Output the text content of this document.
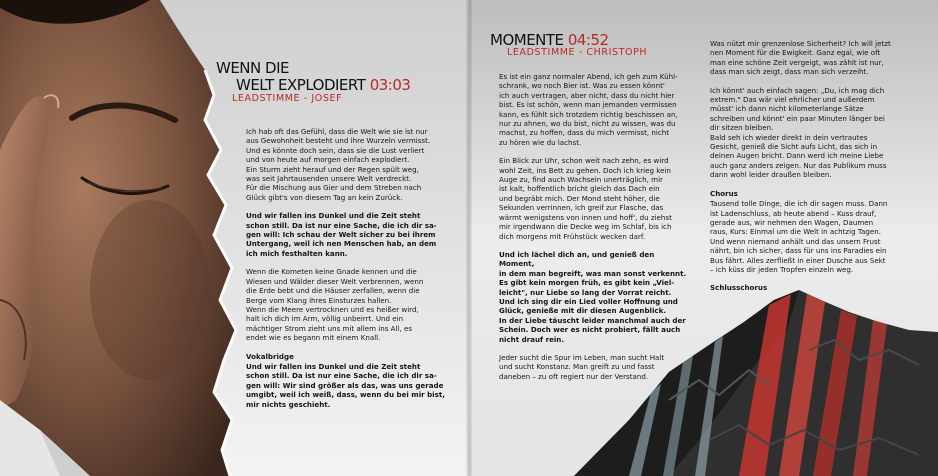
WENN DIE
WELT EXPLODIERT 03:03
LEADSTIMME - JOSEF

Ich hab oft das Gefühl, dass die Welt wie sie ist nur
aus Gewohnheit besteht und ihre Wurzeln vermisst.
Und es könnte doch sein, dass sie die Lust verliert
und von heute auf morgen einfach explodiert.
Ein Sturm zieht herauf und der Regen spült weg,
was seit Jahrtausenden unsere Welt verdreckt.
Für die Mischung aus Gier und dem Streben nach
Glück gibt's von diesem Tag an kein Zurück.

Und wir fallen ins Dunkel und die Zeit steht
schon still. Da ist nur eine Sache, die ich dir sa-
gen will: Ich schau der Welt sicher zu bei ihrem
Untergang, weil ich nen Menschen hab, an dem
ich mich festhalten kann.

Wenn die Kometen keine Gnade kennen und die
Wiesen und Wälder dieser Welt verbrennen, wenn
die Erde bebt und die Häuser zerfallen, wenn die
Berge vom Klang ihres Einsturzes hallen.
Wenn die Meere vertrocknen und es heißer wird,
halt ich dich im Arm, völlig unbeirrt. Und ein
mächtiger Strom zieht uns mit allem ins All, es
endet wie es begann mit einem Knall.

Vokalbridge

Und wir fallen ins Dunkel und die Zeit steht
schon still. Da ist nur eine Sache, die ich dir sa-
gen will: Wir sind größer als das, was uns gerade
umgibt, weil ich weiß, dass, wenn du bei mir bist,
mir nichts geschieht.

MOMENTE 04:52
LEADSTIMME - CHRISTOPH

Es ist ein ganz normaler Abend, ich geh zum Kühl-
schrank, wo noch Bier ist. Was zu essen könnt'
ich auch vertragen, aber nicht, dass du nicht hier
bist. Es ist schön, wenn man jemanden vermissen
kann, es fühlt sich trotzdem richtig beschissen an,
nur zu ahnen, wo du bist, nicht zu wissen, was du
machst, zu hoffen, dass du mich vermisst, nicht
zu hören wie du lachst.

Ein Blick zur Uhr, schon weit nach zehn, es wird
wohl Zeit, ins Bett zu gehen. Doch ich krieg kein
Auge zu, find auch Wachsein unerträglich, mir
ist kalt, hoffentlich bricht gleich das Dach ein
und begräbt mich. Der Mond steht höher, die
Sekunden verrinnen, ich greif zur Flasche, das
wärmt wenigstens von innen und hoff', du ziehst
mir irgendwann die Decke weg im Schlaf, bis ich
dich morgens mit Frühstück wecken darf.

Und ich lächel dich an, und genieß den Moment,
in dem man begreift, was man sonst verkennt.
Es gibt kein morgen früh, es gibt kein „Viel-
leicht", nur Liebe so lang der Vorrat reicht.
Und ich sing dir ein Lied voller Hoffnung und
Glück, genieße mit dir diesen Augenblick.
In der Liebe täuscht leider manchmal auch der
Schein. Doch wer es nicht probiert, fällt auch
nicht drauf rein.

Jeder sucht die Spur im Leben, man sucht Halt
und sucht Konstanz. Man greift zu und fasst
daneben – zu oft regiert nur der Verstand.

Was nützt mir grenzenlose Sicherheit? Ich will jetzt
nen Moment für die Ewigkeit. Ganz egal, wie oft
man eine schöne Zeit vergeigt, was zählt ist nur,
dass man sich zeigt, dass man sich verzeiht.

Ich könnt' auch einfach sagen: „Du, ich mag dich
extrem." Das wär viel ehrlicher und außerdem
müsst' ich dann nicht kilometerlange Sätze
schreiben und könnt' ein paar Minuten länger bei
dir sitzen bleiben.
Bald seh ich wieder direkt in dein vertrautes
Gesicht, genieß die Sicht aufs Licht, das sich in
deinen Augen bricht. Dann werd ich meine Liebe
auch ganz anders zeigen. Nur das Publikum muss
dann wohl leider draußen bleiben.

Chorus

Tausend tolle Dinge, die ich dir sagen muss. Dann
ist Ladenschluss, ab heute abend – Kuss drauf,
gerade aus, wir nehmen den Wagen, Daumen
raus, Kurs: Einmal um die Welt in achtzig Tagen.
Und wenn niemand anhält und das unsern Frust
nährt, bin ich sicher, dass für uns ins Paradies ein
Bus fährt. Alles zerfließt in einer Dusche aus Sekt
– ich küss dir jeden Tropfen einzeln weg.

Schlusschorus
